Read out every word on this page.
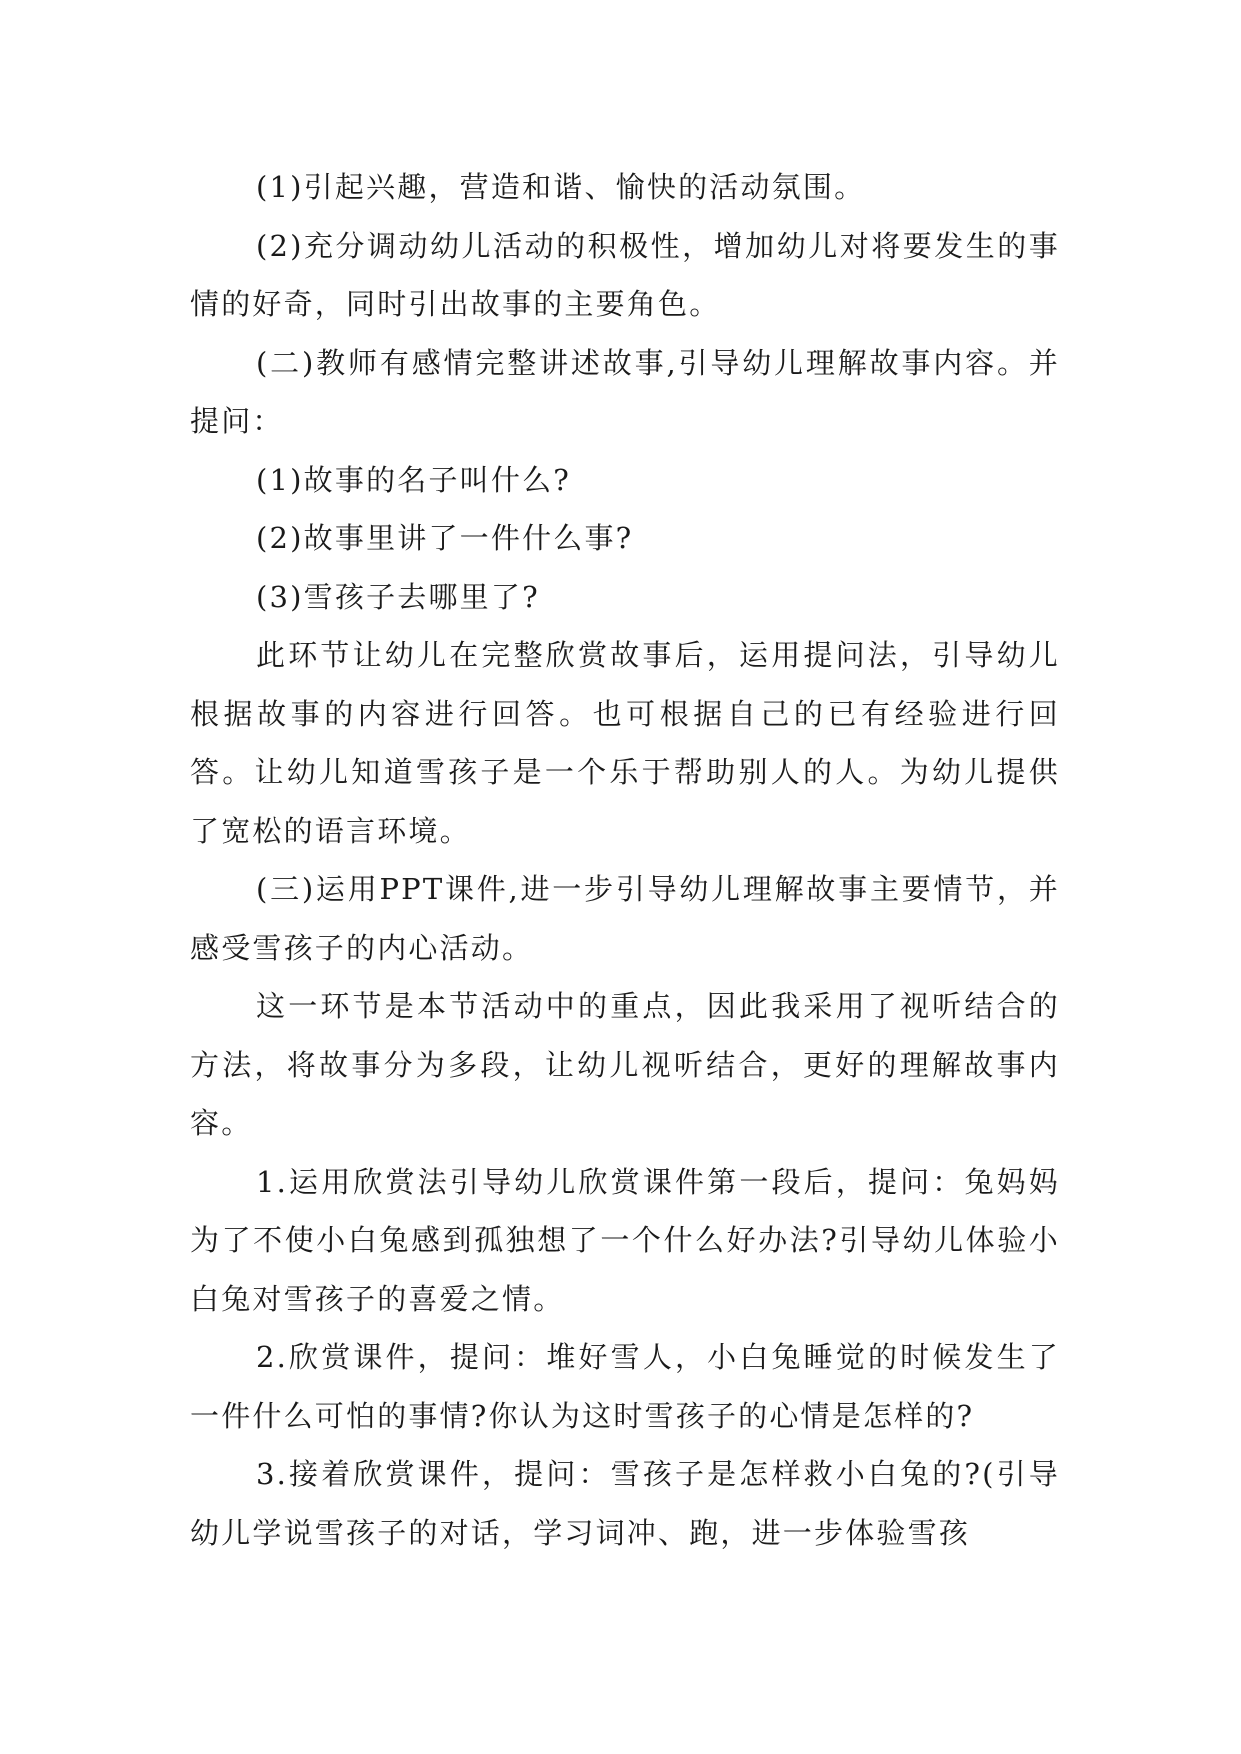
(1)引起兴趣，营造和谐、愉快的活动氛围。

(2)充分调动幼儿活动的积极性，增加幼儿对将要发生的事情的好奇，同时引出故事的主要角色。

(二)教师有感情完整讲述故事,引导幼儿理解故事内容。并提问：

(1)故事的名子叫什么?

(2)故事里讲了一件什么事?

(3)雪孩子去哪里了?

此环节让幼儿在完整欣赏故事后，运用提问法，引导幼儿根据故事的内容进行回答。也可根据自己的已有经验进行回答。让幼儿知道雪孩子是一个乐于帮助别人的人。为幼儿提供了宽松的语言环境。

(三)运用PPT课件,进一步引导幼儿理解故事主要情节，并感受雪孩子的内心活动。

这一环节是本节活动中的重点，因此我采用了视听结合的方法，将故事分为多段，让幼儿视听结合，更好的理解故事内容。

1.运用欣赏法引导幼儿欣赏课件第一段后，提问：兔妈妈为了不使小白兔感到孤独想了一个什么好办法?引导幼儿体验小白兔对雪孩子的喜爱之情。

2.欣赏课件，提问：堆好雪人，小白兔睡觉的时候发生了一件什么可怕的事情?你认为这时雪孩子的心情是怎样的?

3.接着欣赏课件，提问：雪孩子是怎样救小白兔的?(引导幼儿学说雪孩子的对话，学习词冲、跑，进一步体验雪孩
